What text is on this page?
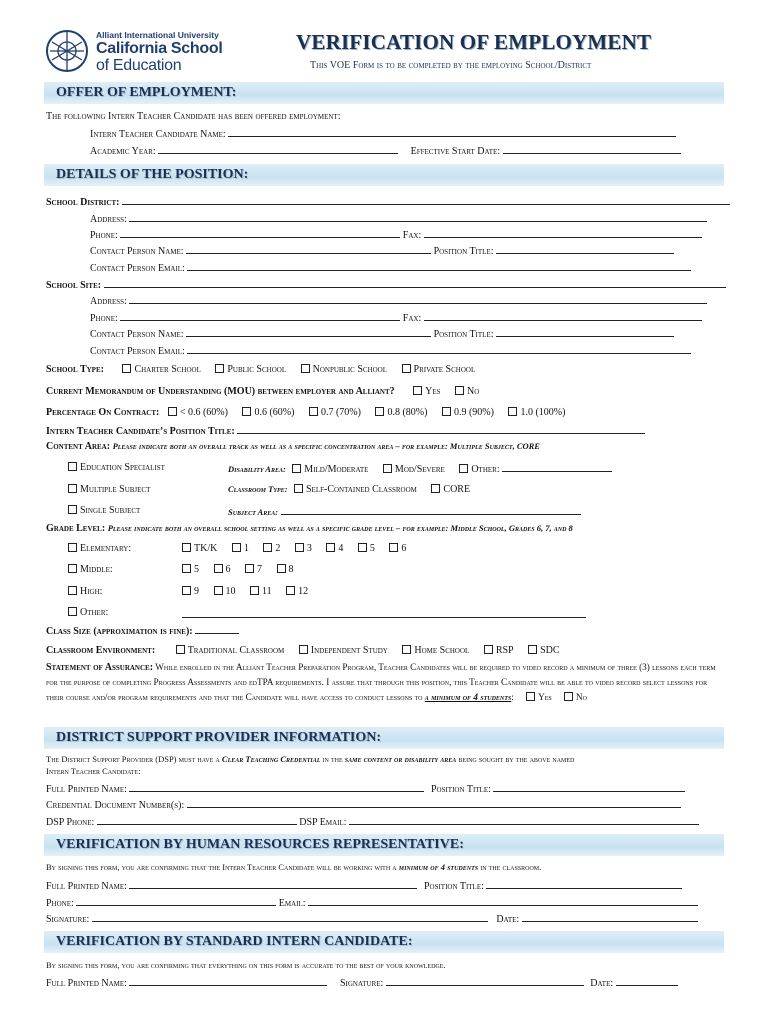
Alliant International University
California School
of Education
VERIFICATION OF EMPLOYMENT
This VOE Form is to be completed by the employing School/District
OFFER OF EMPLOYMENT:
The following Intern Teacher Candidate has been offered employment:
Intern Teacher Candidate Name:
Academic Year:	Effective Start Date:
DETAILS OF THE POSITION:
School District:
Address:
Phone:	Fax:
Contact Person Name:	Position Title:
Contact Person Email:
School Site:
Address:
Phone:	Fax:
Contact Person Name:	Position Title:
Contact Person Email:
School Type:	Charter School	Public School	Nonpublic School	Private School
Current Memorandum of Understanding (MOU) between employer and Alliant?	Yes	No
Percentage On Contract: < 0.6 (60%)	0.6 (60%)	0.7 (70%)	0.8 (80%)	0.9 (90%)	1.0 (100%)
Intern Teacher Candidate’s Position Title:
Content Area: Please indicate both an overall track as well as a specific concentration area – for example: Multiple Subject, CORE
Education Specialist	Disability Area: Mild/Moderate	Mod/Severe	Other:
Multiple Subject	Classroom Type: Self-Contained Classroom	CORE
Single Subject	Subject Area:
Grade Level: Please indicate both an overall school setting as well as a specific grade level – for example: Middle School, Grades 6, 7, and 8
Elementary:	TK/K	1	2	3	4	5	6
Middle:	5	6	7	8
High:	9	10	11	12
Other:
Class Size (approximation is fine):
Classroom Environment:	Traditional Classroom	Independent Study	Home School	RSP	SDC
Statement of Assurance: While enrolled in the Alliant Teacher Preparation Program, Teacher Candidates will be required to video record a minimum of three (3) lessons each term for the purpose of completing Progress Assessments and edTPA requirements. I assure that through this position, this Teacher Candidate will be able to video record select lessons for their course and/or program requirements and that the Candidate will have access to conduct lessons to a minimum of 4 students: Yes	No
DISTRICT SUPPORT PROVIDER INFORMATION:
The District Support Provider (DSP) must have a Clear Teaching Credential in the same content or disability area being sought by the above named
Intern Teacher Candidate:
Full Printed Name:	Position Title:
Credential Document Number(s):
DSP Phone:	DSP Email:
VERIFICATION BY HUMAN RESOURCES REPRESENTATIVE:
By signing this form, you are confirming that the Intern Teacher Candidate will be working with a minimum of 4 students in the classroom.
Full Printed Name:	Position Title:
Phone:	Email:
Signature:	Date:
VERIFICATION BY STANDARD INTERN CANDIDATE:
By signing this form, you are confirming that everything on this form is accurate to the best of your knowledge.
Full Printed Name:	Signature:	Date:
